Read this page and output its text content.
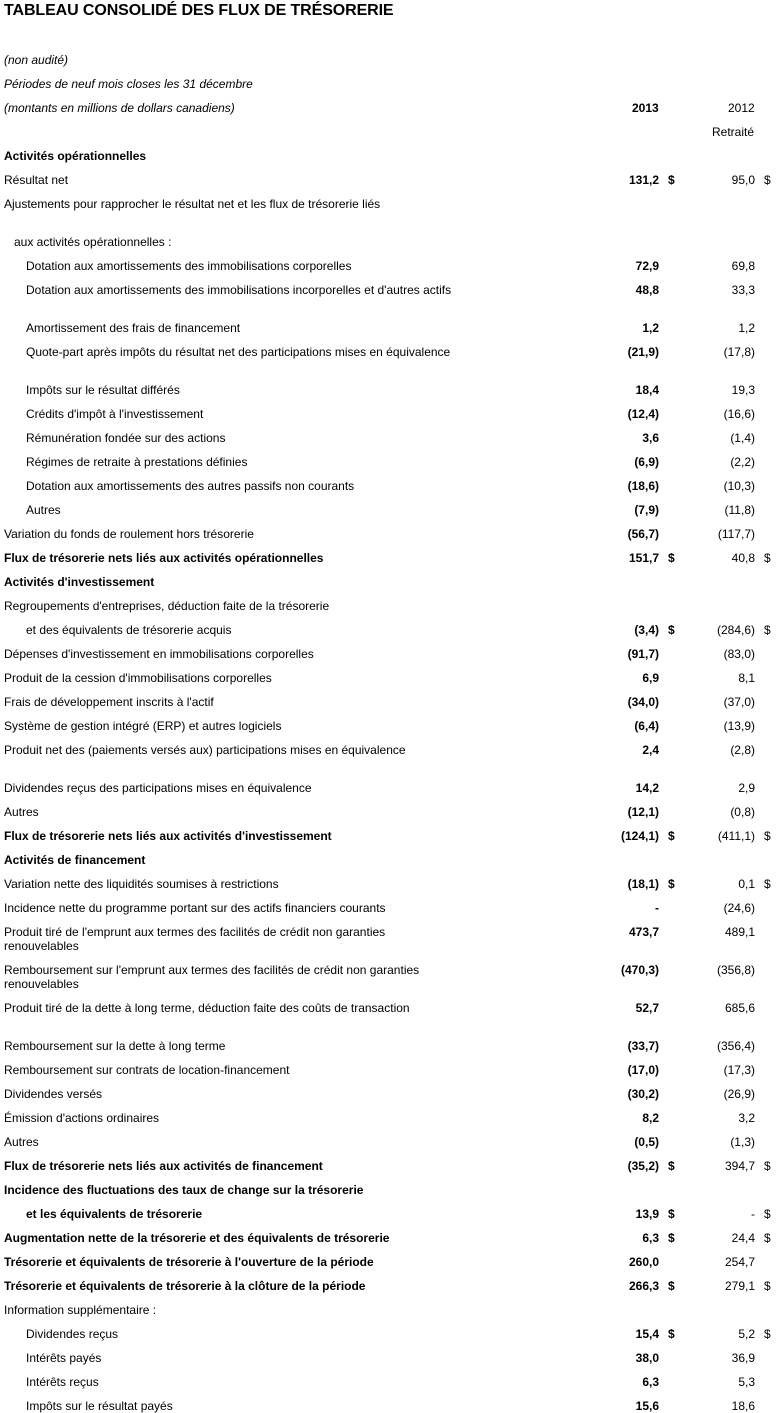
TABLEAU CONSOLIDÉ DES FLUX DE TRÉSORERIE
(non audité)
Périodes de neuf mois closes les 31 décembre
(montants en millions de dollars canadiens)	2013	2012
Retraité
Activités opérationnelles
Résultat net	131,2 $	95,0 $
Ajustements pour rapprocher le résultat net et les flux de trésorerie liés
aux activités opérationnelles :
Dotation aux amortissements des immobilisations corporelles	72,9	69,8
Dotation aux amortissements des immobilisations incorporelles et d'autres actifs	48,8	33,3
Amortissement des frais de financement	1,2	1,2
Quote-part après impôts du résultat net des participations mises en équivalence	(21,9)	(17,8)
Impôts sur le résultat différés	18,4	19,3
Crédits d'impôt à l'investissement	(12,4)	(16,6)
Rémunération fondée sur des actions	3,6	(1,4)
Régimes de retraite à prestations définies	(6,9)	(2,2)
Dotation aux amortissements des autres passifs non courants	(18,6)	(10,3)
Autres	(7,9)	(11,8)
Variation du fonds de roulement hors trésorerie	(56,7)	(117,7)
Flux de trésorerie nets liés aux activités opérationnelles	151,7 $	40,8 $
Activités d'investissement
Regroupements d'entreprises, déduction faite de la trésorerie
et des équivalents de trésorerie acquis	(3,4) $	(284,6) $
Dépenses d'investissement en immobilisations corporelles	(91,7)	(83,0)
Produit de la cession d'immobilisations corporelles	6,9	8,1
Frais de développement inscrits à l'actif	(34,0)	(37,0)
Système de gestion intégré (ERP) et autres logiciels	(6,4)	(13,9)
Produit net des (paiements versés aux) participations mises en équivalence	2,4	(2,8)
Dividendes reçus des participations mises en équivalence	14,2	2,9
Autres	(12,1)	(0,8)
Flux de trésorerie nets liés aux activités d'investissement	(124,1) $	(411,1) $
Activités de financement
Variation nette des liquidités soumises à restrictions	(18,1) $	0,1 $
Incidence nette du programme portant sur des actifs financiers courants	-	(24,6)
Produit tiré de l'emprunt aux termes des facilités de crédit non garanties renouvelables
473,7	489,1
Remboursement sur l'emprunt aux termes des facilités de crédit non garanties renouvelables
(470,3)	(356,8)
Produit tiré de la dette à long terme, déduction faite des coûts de transaction	52,7	685,6
Remboursement sur la dette à long terme	(33,7)	(356,4)
Remboursement sur contrats de location-financement	(17,0)	(17,3)
Dividendes versés	(30,2)	(26,9)
Émission d'actions ordinaires	8,2	3,2
Autres	(0,5)	(1,3)
Flux de trésorerie nets liés aux activités de financement	(35,2) $	394,7 $
Incidence des fluctuations des taux de change sur la trésorerie
et les équivalents de trésorerie	13,9 $	- $
Augmentation nette de la trésorerie et des équivalents de trésorerie	6,3 $	24,4 $
Trésorerie et équivalents de trésorerie à l'ouverture de la période	260,0	254,7
Trésorerie et équivalents de trésorerie à la clôture de la période	266,3 $	279,1 $
Information supplémentaire :
Dividendes reçus	15,4 $	5,2 $
Intérêts payés	38,0	36,9
Intérêts reçus	6,3	5,3
Impôts sur le résultat payés	15,6	18,6
